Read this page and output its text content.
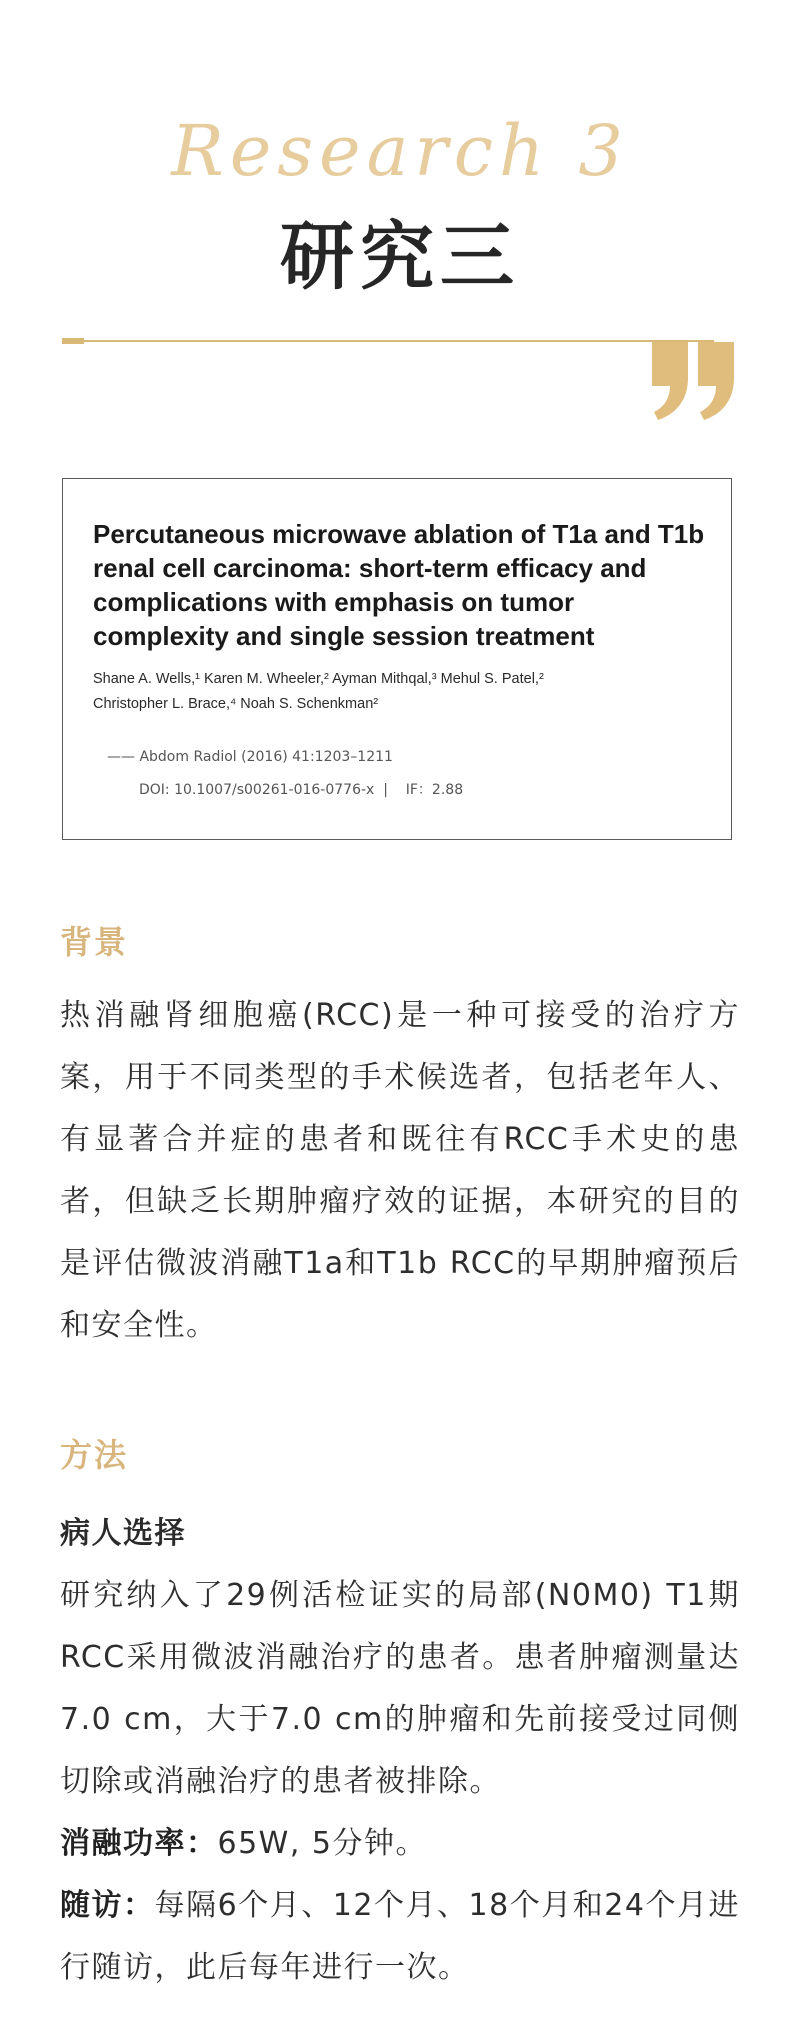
Research 3
研究三
Percutaneous microwave ablation of T1a and T1b renal cell carcinoma: short-term efficacy and complications with emphasis on tumor complexity and single session treatment
Shane A. Wells,¹ Karen M. Wheeler,² Ayman Mithqal,³ Mehul S. Patel,²
Christopher L. Brace,⁴ Noah S. Schenkman²
—— Abdom Radiol (2016) 41:1203–1211
DOI: 10.1007/s00261-016-0776-x  |    IF：2.88
背景

热消融肾细胞癌(RCC)是一种可接受的治疗方案，用于不同类型的手术候选者，包括老年人、有显著合并症的患者和既往有RCC手术史的患者，但缺乏长期肿瘤疗效的证据，本研究的目的是评估微波消融T1a和T1b RCC的早期肿瘤预后和安全性。

方法
病人选择

研究纳入了29例活检证实的局部(N0M0) T1期RCC采用微波消融治疗的患者。患者肿瘤测量达7.0 cm，大于7.0 cm的肿瘤和先前接受过同侧切除或消融治疗的患者被排除。

消融功率：65W, 5分钟。

随访：每隔6个月、12个月、18个月和24个月进行随访，此后每年进行一次。
